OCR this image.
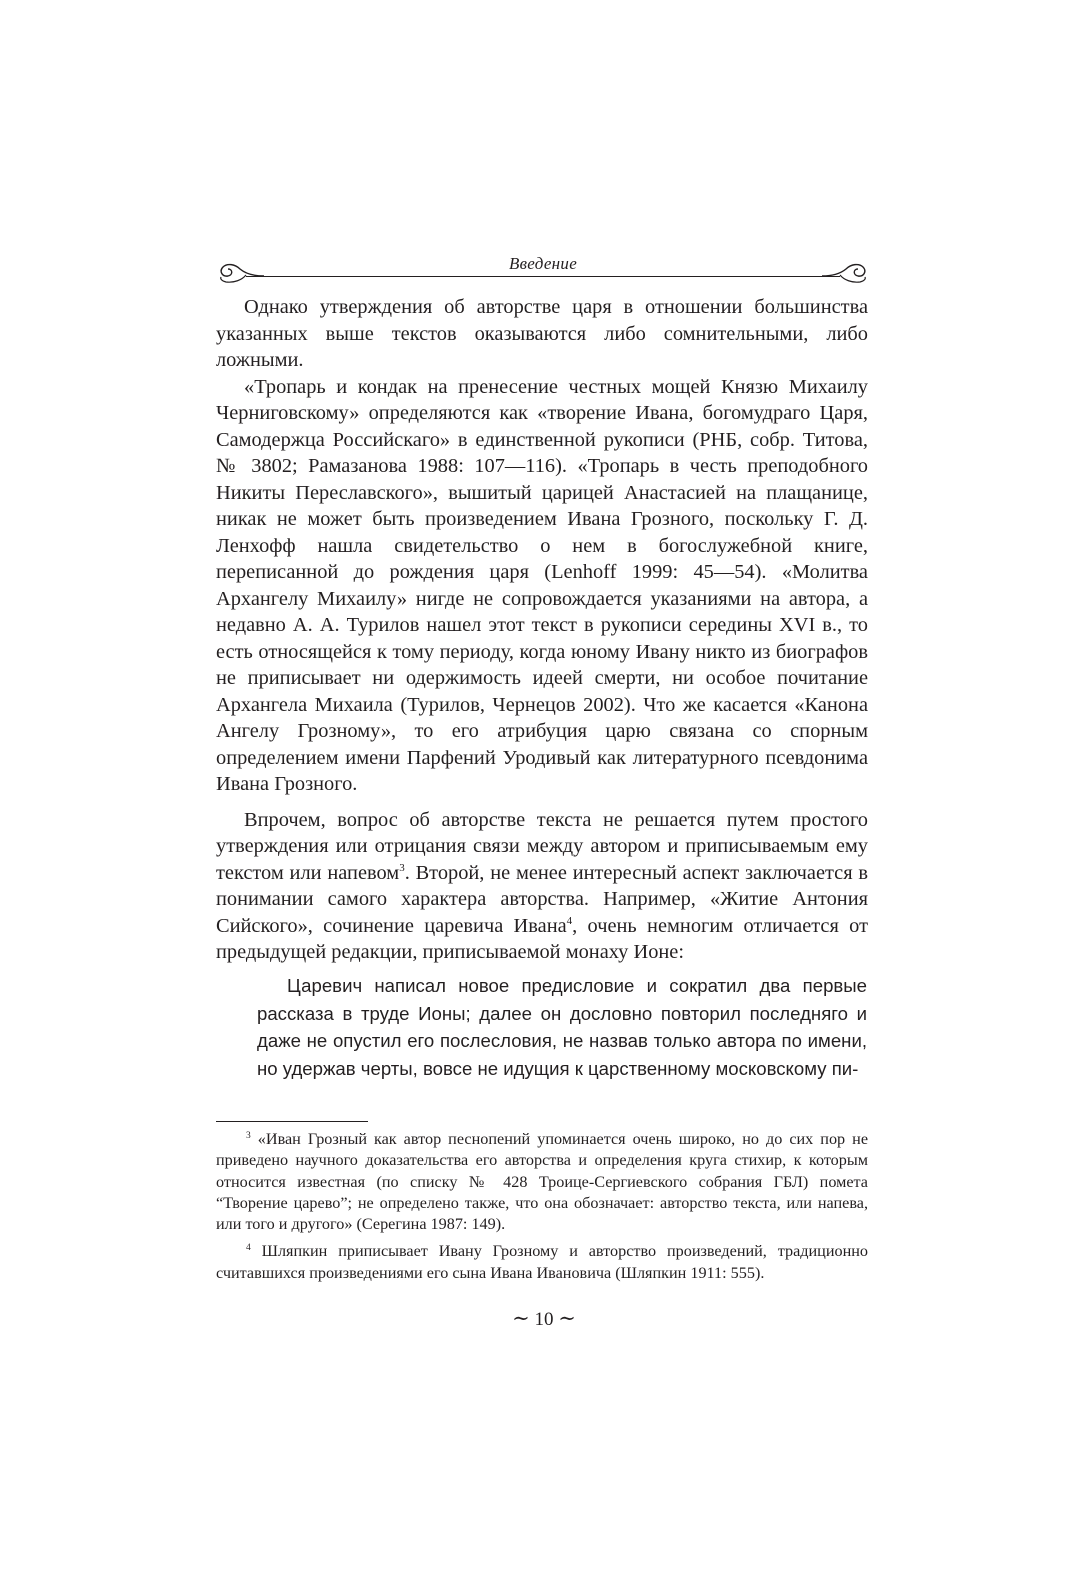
Введение

Однако утверждения об авторстве царя в отношении большинства указанных выше текстов оказываются либо сомнительными, либо ложными.

«Тропарь и кондак на пренесение честных мощей Князю Михаилу Черниговскому» определяются как «творение Ивана, богомудраго Царя, Самодержца Российскаго» в единственной рукописи (РНБ, собр. Титова, № 3802; Рамазанова 1988: 107—116). «Тропарь в честь преподобного Никиты Переславского», вышитый царицей Анастасией на плащанице, никак не может быть произведением Ивана Грозного, поскольку Г. Д. Ленхофф нашла свидетельство о нем в богослужебной книге, переписанной до рождения царя (Lenhoff 1999: 45—54). «Молитва Архангелу Михаилу» нигде не сопровождается указаниями на автора, а недавно А. А. Турилов нашел этот текст в рукописи середины XVI в., то есть относящейся к тому периоду, когда юному Ивану никто из биографов не приписывает ни одержимость идеей смерти, ни особое почитание Архангела Михаила (Турилов, Чернецов 2002). Что же касается «Канона Ангелу Грозному», то его атрибуция царю связана со спорным определением имени Парфений Уродивый как литературного псевдонима Ивана Грозного.

Впрочем, вопрос об авторстве текста не решается путем простого утверждения или отрицания связи между автором и приписываемым ему текстом или напевом$^3$. Второй, не менее интересный аспект заключается в понимании самого характера авторства. Например, «Житие Антония Сийского», сочинение царевича Ивана$^4$, очень немногим отличается от предыдущей редакции, приписываемой монаху Ионе:

Царевич написал новое предисловие и сократил два первые рассказа в труде Ионы; далее он дословно повторил последняго и даже не опустил его послесловия, не назвав только автора по имени, но удержав черты, вовсе не идущия к царственному московскому пи-

$^3$ «Иван Грозный как автор песнопений упоминается очень широко, но до сих пор не приведено научного доказательства его авторства и определения круга стихир, к которым относится известная (по списку № 428 Троице-Сергиевского собрания ГБЛ) помета “Творение царево”; не определено также, что она обозначает: авторство текста, или напева, или того и другого» (Серегина 1987: 149).

$^4$ Шляпкин приписывает Ивану Грозному и авторство произведений, традиционно считавшихся произведениями его сына Ивана Ивановича (Шляпкин 1911: 555).

∼ 10 ∼
